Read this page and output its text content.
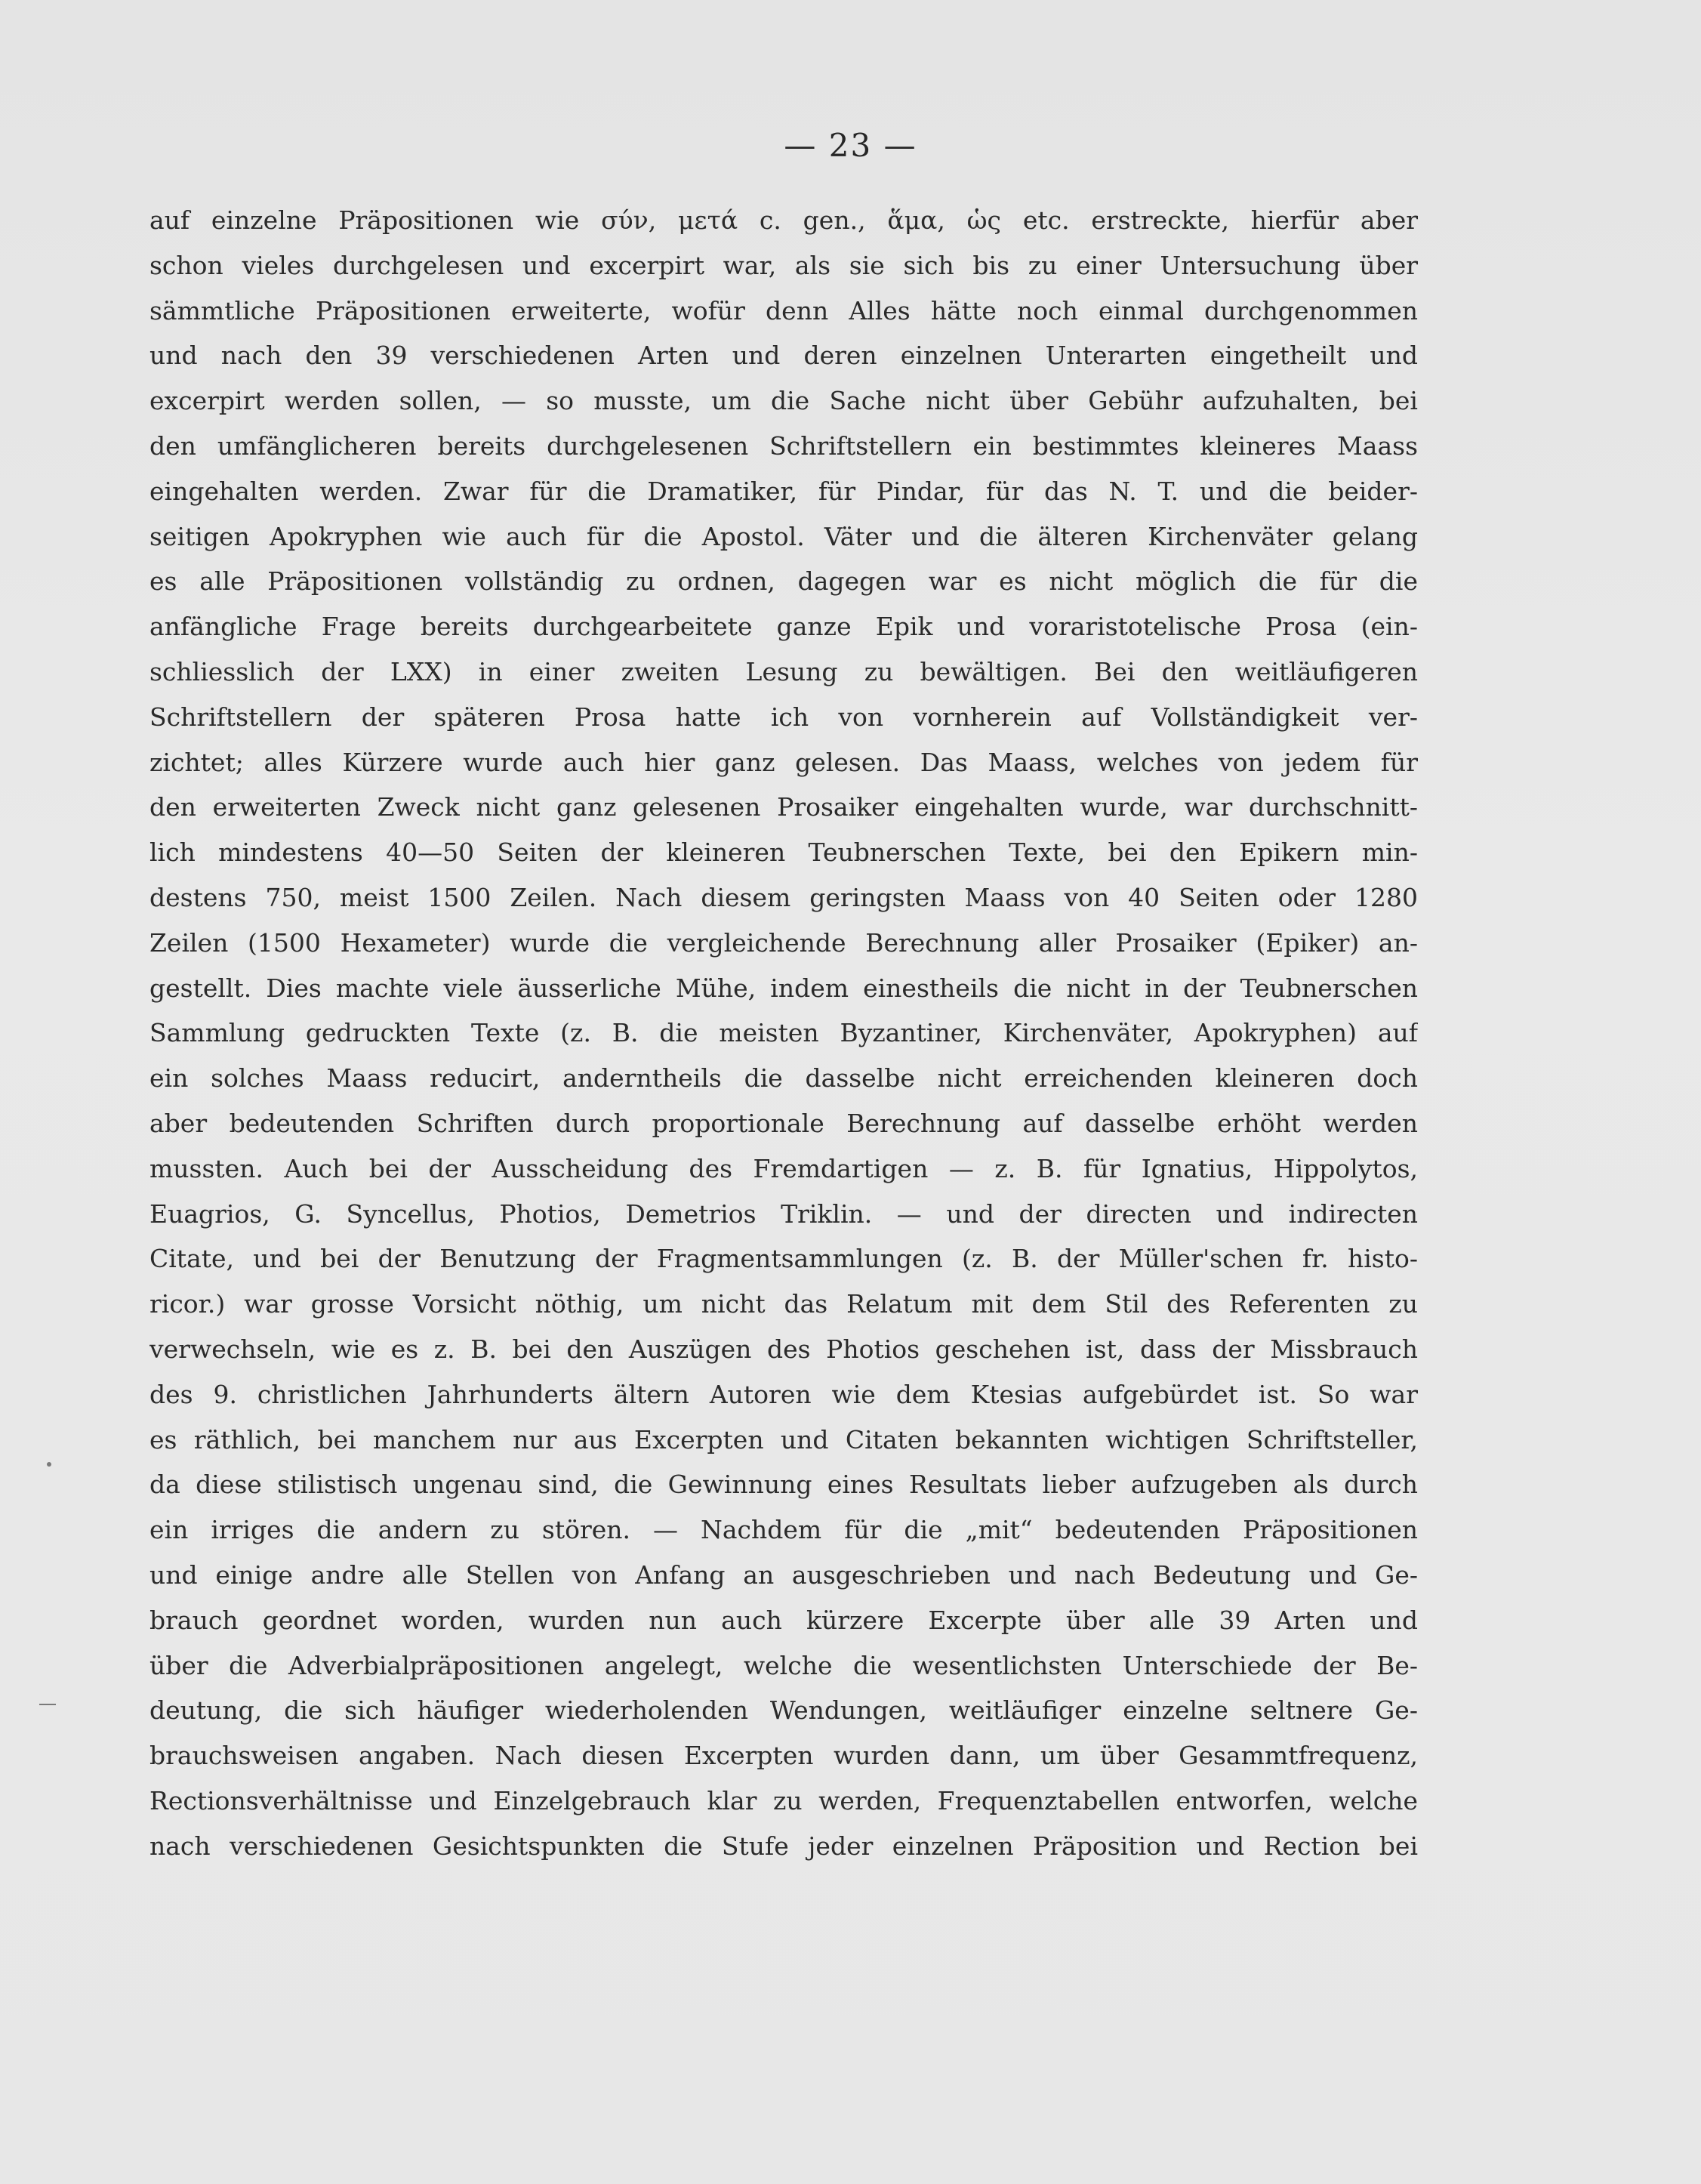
— 23 —
auf einzelne Präpositionen wie σύν, μετά c. gen., ἅμα, ὡς etc. erstreckte, hierfür aber
schon vieles durchgelesen und excerpirt war, als sie sich bis zu einer Untersuchung über
sämmtliche Präpositionen erweiterte, wofür denn Alles hätte noch einmal durchgenommen
und nach den 39 verschiedenen Arten und deren einzelnen Unterarten eingetheilt und
excerpirt werden sollen, — so musste, um die Sache nicht über Gebühr aufzuhalten, bei
den umfänglicheren bereits durchgelesenen Schriftstellern ein bestimmtes kleineres Maass
eingehalten werden. Zwar für die Dramatiker, für Pindar, für das N. T. und die beider-
seitigen Apokryphen wie auch für die Apostol. Väter und die älteren Kirchenväter gelang
es alle Präpositionen vollständig zu ordnen, dagegen war es nicht möglich die für die
anfängliche Frage bereits durchgearbeitete ganze Epik und voraristotelische Prosa (ein-
schliesslich der LXX) in einer zweiten Lesung zu bewältigen. Bei den weitläufigeren
Schriftstellern der späteren Prosa hatte ich von vornherein auf Vollständigkeit ver-
zichtet; alles Kürzere wurde auch hier ganz gelesen. Das Maass, welches von jedem für
den erweiterten Zweck nicht ganz gelesenen Prosaiker eingehalten wurde, war durchschnitt-
lich mindestens 40—50 Seiten der kleineren Teubnerschen Texte, bei den Epikern min-
destens 750, meist 1500 Zeilen. Nach diesem geringsten Maass von 40 Seiten oder 1280
Zeilen (1500 Hexameter) wurde die vergleichende Berechnung aller Prosaiker (Epiker) an-
gestellt. Dies machte viele äusserliche Mühe, indem einestheils die nicht in der Teubnerschen
Sammlung gedruckten Texte (z. B. die meisten Byzantiner, Kirchenväter, Apokryphen) auf
ein solches Maass reducirt, anderntheils die dasselbe nicht erreichenden kleineren doch
aber bedeutenden Schriften durch proportionale Berechnung auf dasselbe erhöht werden
mussten. Auch bei der Ausscheidung des Fremdartigen — z. B. für Ignatius, Hippolytos,
Euagrios, G. Syncellus, Photios, Demetrios Triklin. — und der directen und indirecten
Citate, und bei der Benutzung der Fragmentsammlungen (z. B. der Müller'schen fr. histo-
ricor.) war grosse Vorsicht nöthig, um nicht das Relatum mit dem Stil des Referenten zu
verwechseln, wie es z. B. bei den Auszügen des Photios geschehen ist, dass der Missbrauch
des 9. christlichen Jahrhunderts ältern Autoren wie dem Ktesias aufgebürdet ist. So war
es räthlich, bei manchem nur aus Excerpten und Citaten bekannten wichtigen Schriftsteller,
da diese stilistisch ungenau sind, die Gewinnung eines Resultats lieber aufzugeben als durch
ein irriges die andern zu stören. — Nachdem für die „mit“ bedeutenden Präpositionen
und einige andre alle Stellen von Anfang an ausgeschrieben und nach Bedeutung und Ge-
brauch geordnet worden, wurden nun auch kürzere Excerpte über alle 39 Arten und
über die Adverbialpräpositionen angelegt, welche die wesentlichsten Unterschiede der Be-
deutung, die sich häufiger wiederholenden Wendungen, weitläufiger einzelne seltnere Ge-
brauchsweisen angaben. Nach diesen Excerpten wurden dann, um über Gesammtfrequenz,
Rectionsverhältnisse und Einzelgebrauch klar zu werden, Frequenztabellen entworfen, welche
nach verschiedenen Gesichtspunkten die Stufe jeder einzelnen Präposition und Rection bei
